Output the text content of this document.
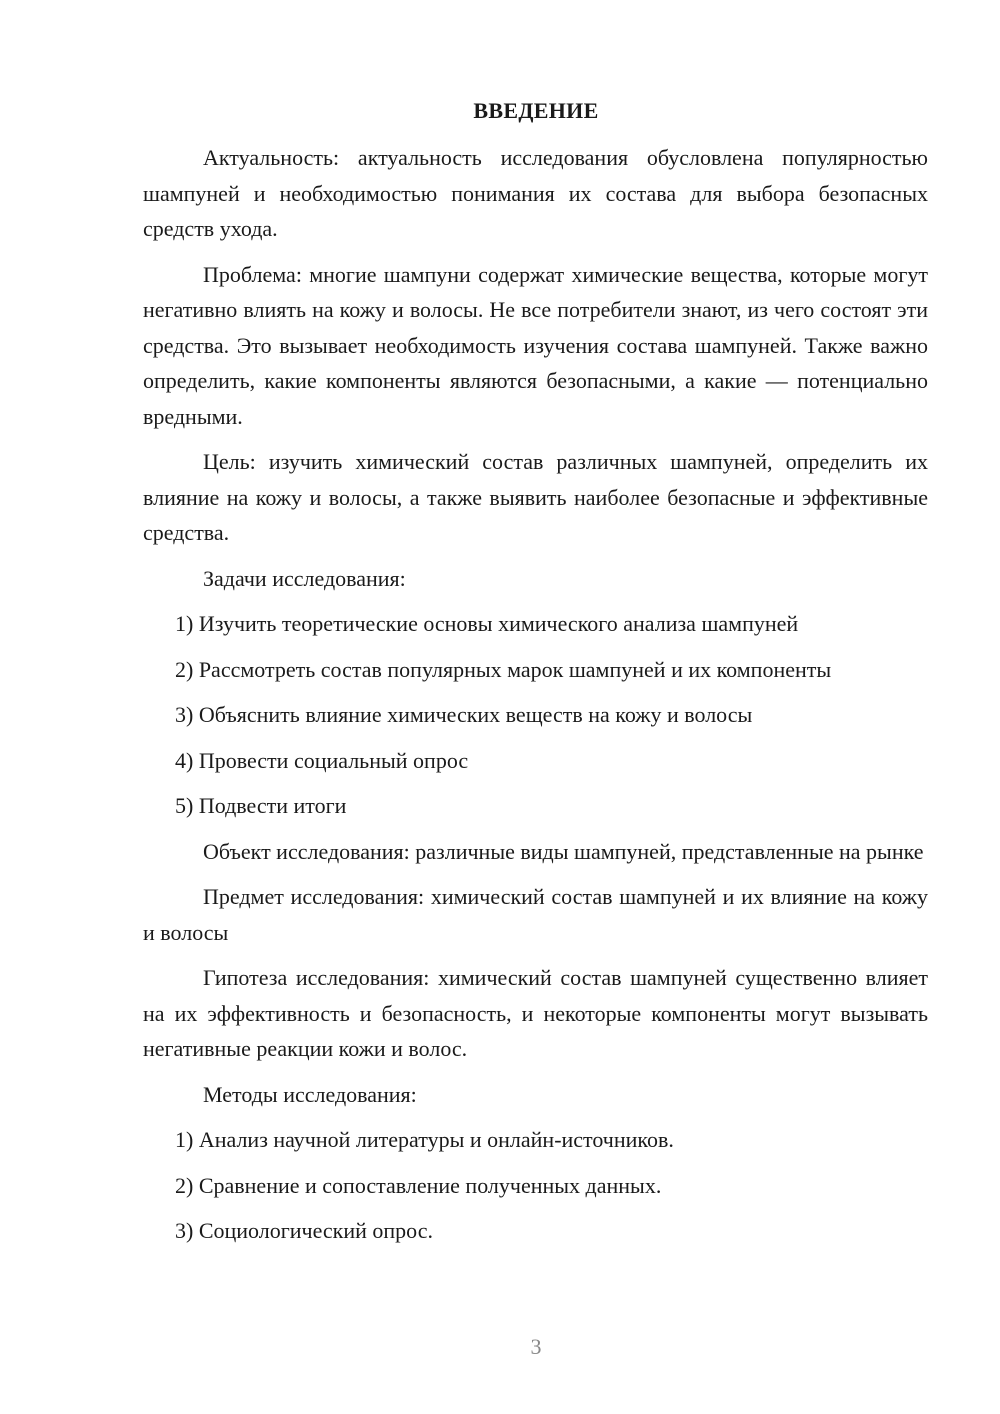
ВВЕДЕНИЕ

Актуальность: актуальность исследования обусловлена популярностью шампуней и необходимостью понимания их состава для выбора безопасных средств ухода.

Проблема: многие шампуни содержат химические вещества, которые могут негативно влиять на кожу и волосы. Не все потребители знают, из чего состоят эти средства. Это вызывает необходимость изучения состава шампуней. Также важно определить, какие компоненты являются безопасными, а какие — потенциально вредными.

Цель: изучить химический состав различных шампуней, определить их влияние на кожу и волосы, а также выявить наиболее безопасные и эффективные средства.

Задачи исследования:

1) Изучить теоретические основы химического анализа шампуней

2) Рассмотреть состав популярных марок шампуней и их компоненты

3) Объяснить влияние химических веществ на кожу и волосы

4) Провести социальный опрос

5) Подвести итоги

Объект исследования: различные виды шампуней, представленные на рынке

Предмет исследования: химический состав шампуней и их влияние на кожу и волосы

Гипотеза исследования: химический состав шампуней существенно влияет на их эффективность и безопасность, и некоторые компоненты могут вызывать негативные реакции кожи и волос.

Методы исследования:

1) Анализ научной литературы и онлайн-источников.

2) Сравнение и сопоставление полученных данных.

3) Социологический опрос.

3
